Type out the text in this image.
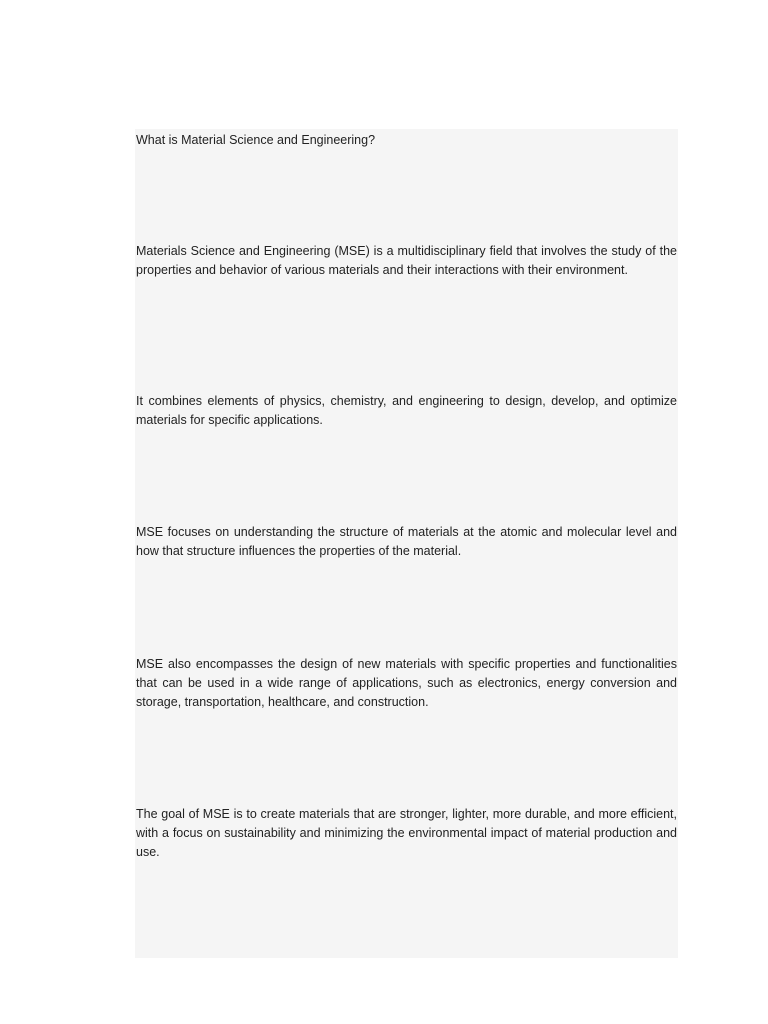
What is Material Science and Engineering?

Materials Science and Engineering (MSE) is a multidisciplinary field that involves the study of the properties and behavior of various materials and their interactions with their environment.

It combines elements of physics, chemistry, and engineering to design, develop, and optimize materials for specific applications.

MSE focuses on understanding the structure of materials at the atomic and molecular level and how that structure influences the properties of the material.

MSE also encompasses the design of new materials with specific properties and functionalities that can be used in a wide range of applications, such as electronics, energy conversion and storage, transportation, healthcare, and construction.

The goal of MSE is to create materials that are stronger, lighter, more durable, and more efficient, with a focus on sustainability and minimizing the environmental impact of material production and use.
